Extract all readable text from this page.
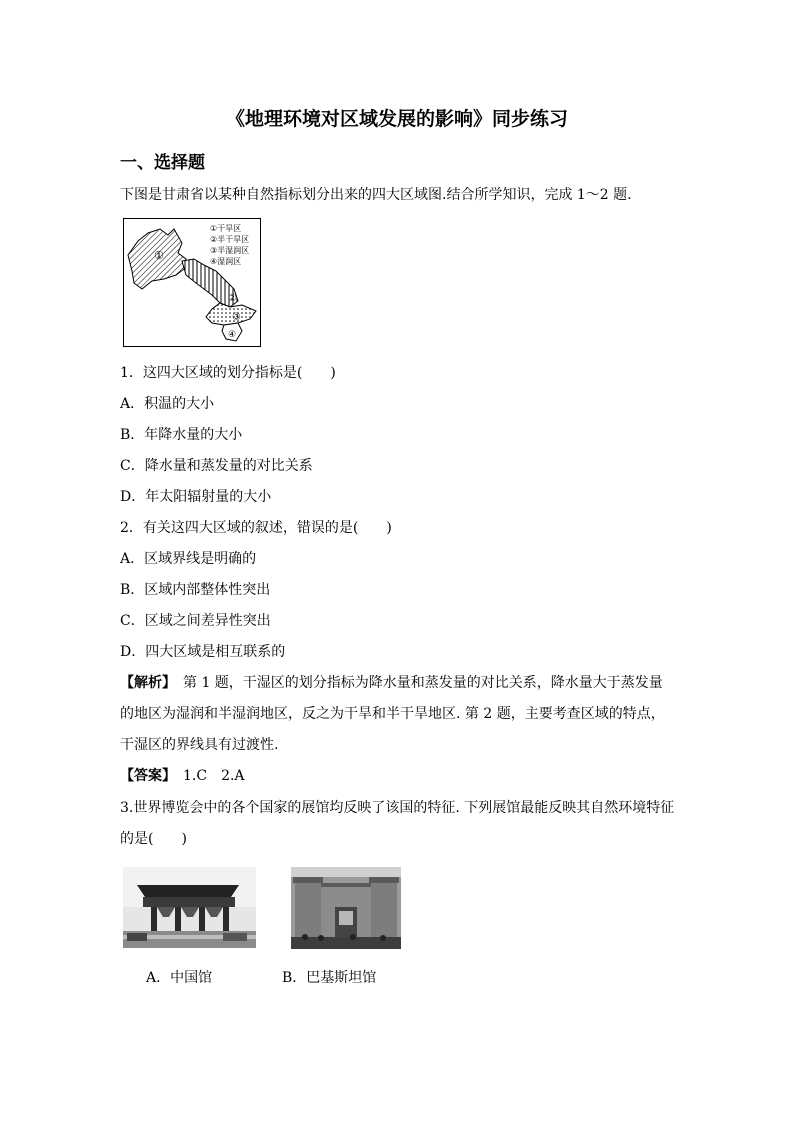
《地理环境对区域发展的影响》同步练习
一、选择题
下图是甘肃省以某种自然指标划分出来的四大区域图.结合所学知识，完成 1～2 题.
①
②
③
④
①干旱区
②半干旱区
③半湿润区
④湿润区
1．这四大区域的划分指标是(　　)
A．积温的大小
B．年降水量的大小
C．降水量和蒸发量的对比关系
D．年太阳辐射量的大小
2．有关这四大区域的叙述，错误的是(　　)
A．区域界线是明确的
B．区域内部整体性突出
C．区域之间差异性突出
D．四大区域是相互联系的
【解析】　第 1 题，干湿区的划分指标为降水量和蒸发量的对比关系，降水量大于蒸发量的地区为湿润和半湿润地区，反之为干旱和半干旱地区. 第 2 题，主要考查区域的特点，干湿区的界线具有过渡性.
【答案】　1.C　2.A
3.世界博览会中的各个国家的展馆均反映了该国的特征. 下列展馆最能反映其自然环境特征的是(　　)
A．中国馆	B．巴基斯坦馆
